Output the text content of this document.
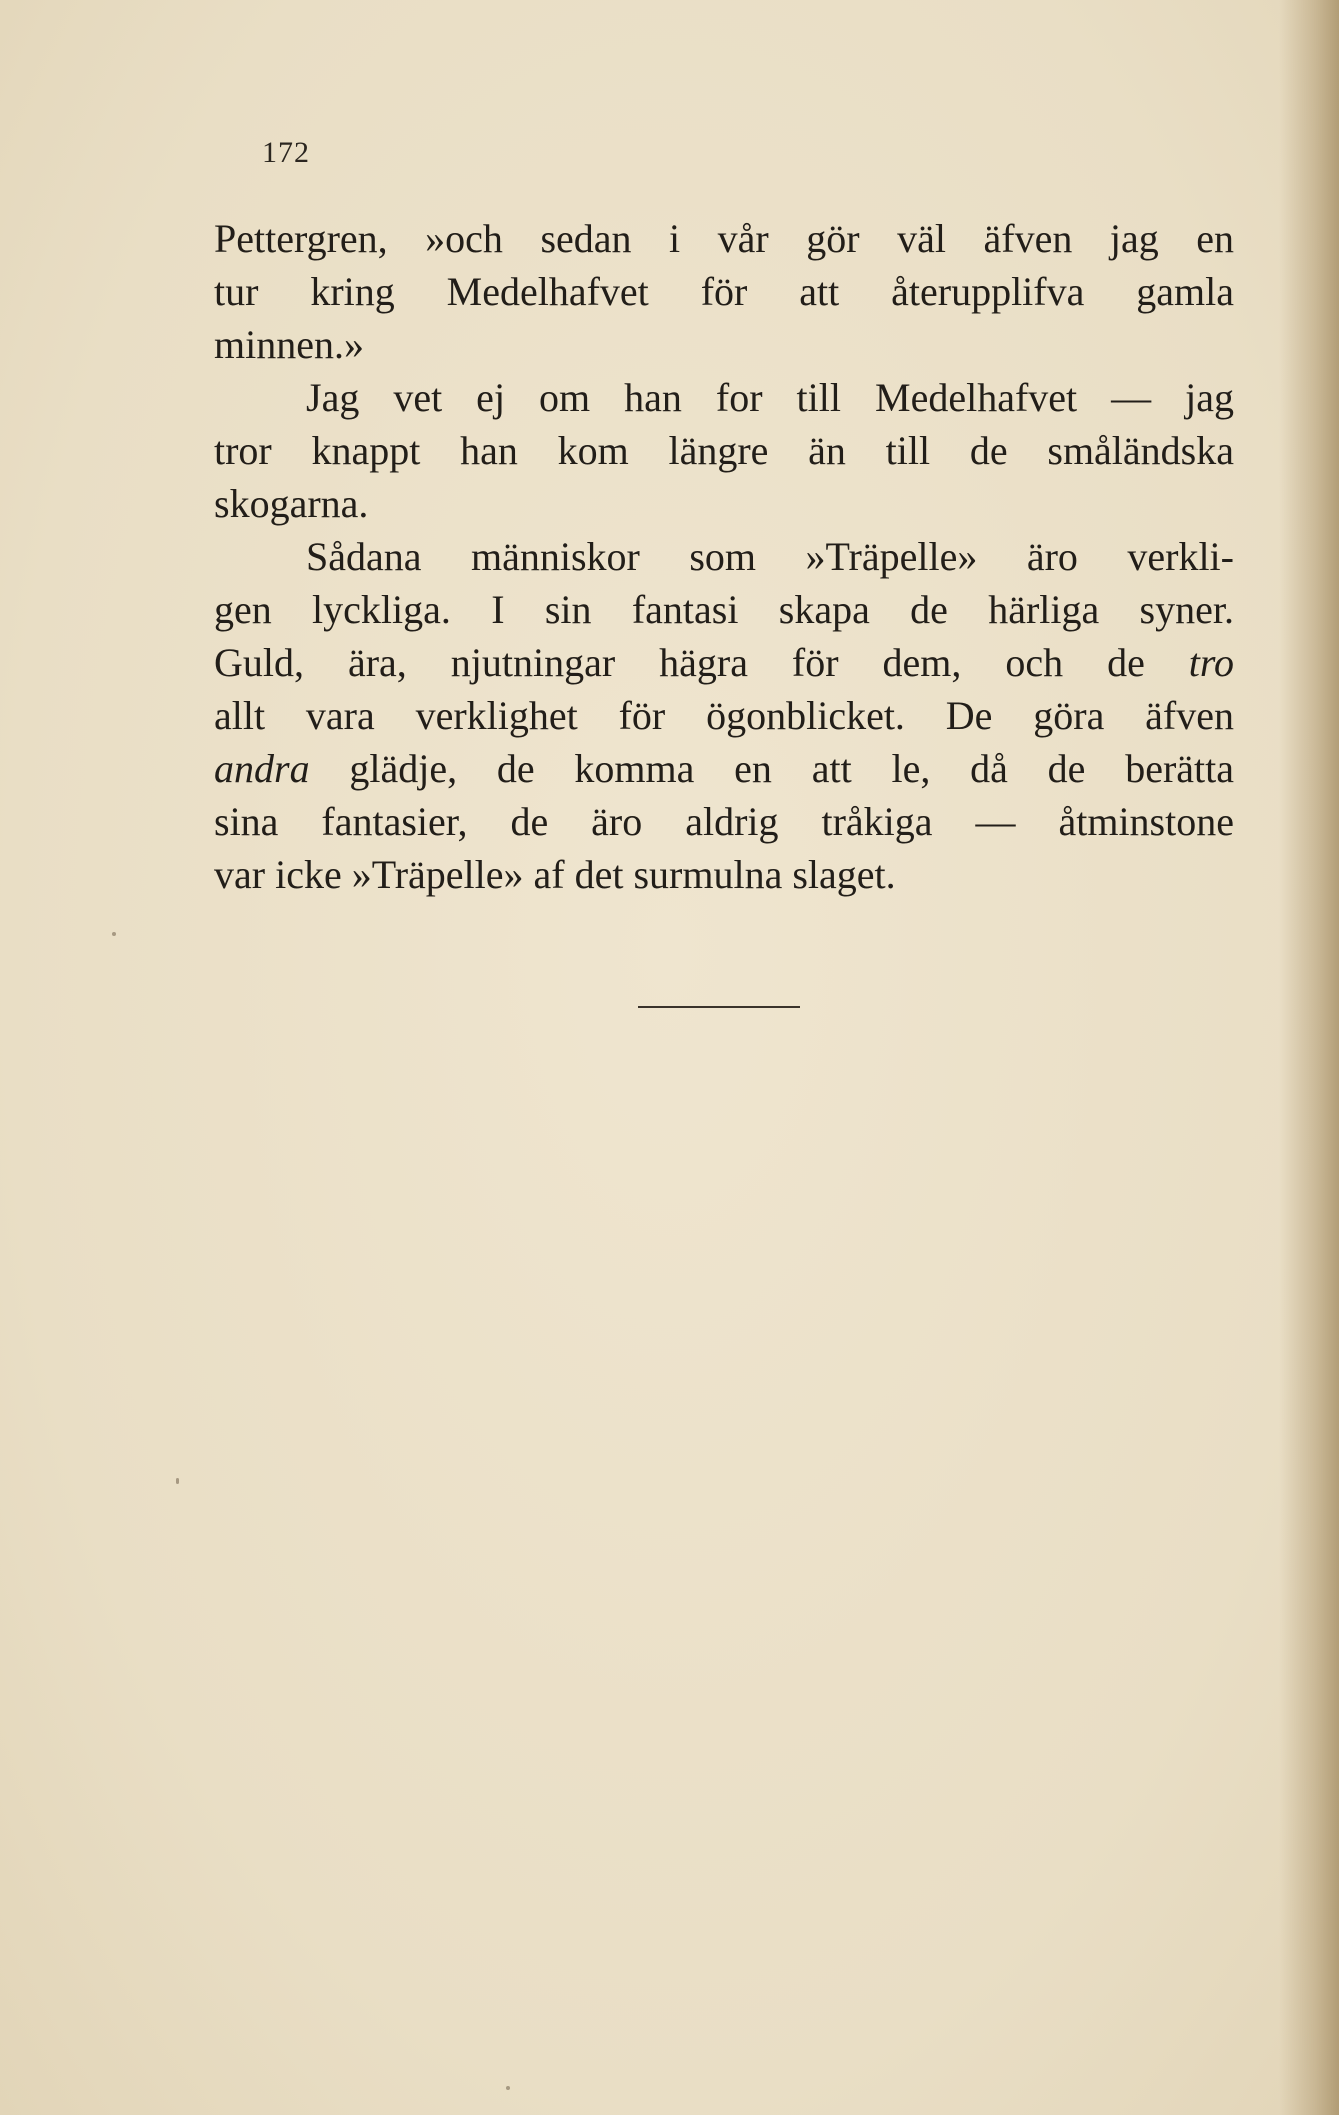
172
Pettergren, »och sedan i vår gör väl äfven jag en
tur kring Medelhafvet för att återupplifva gamla
minnen.»
Jag vet ej om han for till Medelhafvet — jag
tror knappt han kom längre än till de småländska
skogarna.
Sådana människor som »Träpelle» äro verkli-
gen lyckliga. I sin fantasi skapa de härliga syner.
Guld, ära, njutningar hägra för dem, och de tro
allt vara verklighet för ögonblicket. De göra äfven
andra glädje, de komma en att le, då de berätta
sina fantasier, de äro aldrig tråkiga — åtminstone
var icke »Träpelle» af det surmulna slaget.
